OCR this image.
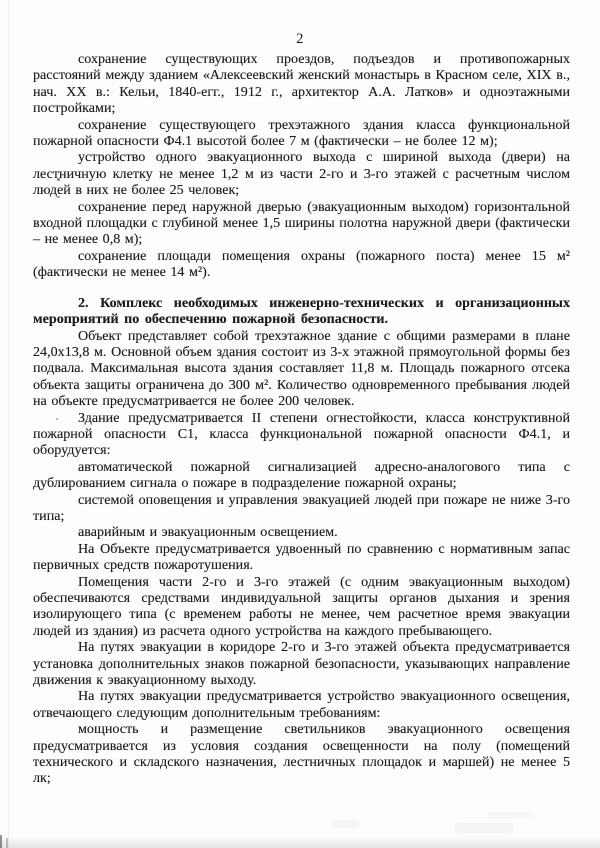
2

сохранение существующих проездов, подъездов и противопожарных расстояний между зданием «Алексеевский женский монастырь в Красном селе, XIX в., нач. XX в.: Кельи, 1840-егг., 1912 г., архитектор А.А. Латков» и одноэтажными постройками;

сохранение существующего трехэтажного здания класса функциональной пожарной опасности Ф4.1 высотой более 7 м (фактически – не более 12 м);

устройство одного эвакуационного выхода с шириной выхода (двери) на лестничную клетку не менее 1,2 м из части 2-го и 3-го этажей с расчетным числом людей в них не более 25 человек;

сохранение перед наружной дверью (эвакуационным выходом) горизонтальной входной площадки с глубиной менее 1,5 ширины полотна наружной двери (фактически – не менее 0,8 м);

сохранение площади помещения охраны (пожарного поста) менее 15 м² (фактически не менее 14 м²).

2. Комплекс необходимых инженерно-технических и организационных мероприятий по обеспечению пожарной безопасности.

Объект представляет собой трехэтажное здание с общими размерами в плане 24,0х13,8 м. Основной объем здания состоит из 3-х этажной прямоугольной формы без подвала. Максимальная высота здания составляет 11,8 м. Площадь пожарного отсека объекта защиты ограничена до 300 м². Количество одновременного пребывания людей на объекте предусматривается не более 200 человек.

Здание предусматривается II степени огнестойкости, класса конструктивной пожарной опасности С1, класса функциональной пожарной опасности Ф4.1, и оборудуется:

автоматической пожарной сигнализацией адресно-аналогового типа с дублированием сигнала о пожаре в подразделение пожарной охраны;

системой оповещения и управления эвакуацией людей при пожаре не ниже 3-го типа;

аварийным и эвакуационным освещением.

На Объекте предусматривается удвоенный по сравнению с нормативным запас первичных средств пожаротушения.

Помещения части 2-го и 3-го этажей (с одним эвакуационным выходом) обеспечиваются средствами индивидуальной защиты органов дыхания и зрения изолирующего типа (с временем работы не менее, чем расчетное время эвакуации людей из здания) из расчета одного устройства на каждого пребывающего.

На путях эвакуации в коридоре 2-го и 3-го этажей объекта предусматривается установка дополнительных знаков пожарной безопасности, указывающих направление движения к эвакуационному выходу.

На путях эвакуации предусматривается устройство эвакуационного освещения, отвечающего следующим дополнительным требованиям:

мощность и размещение светильников эвакуационного освещения предусматривается из условия создания освещенности на полу (помещений технического и складского назначения, лестничных площадок и маршей) не менее 5 лк;
